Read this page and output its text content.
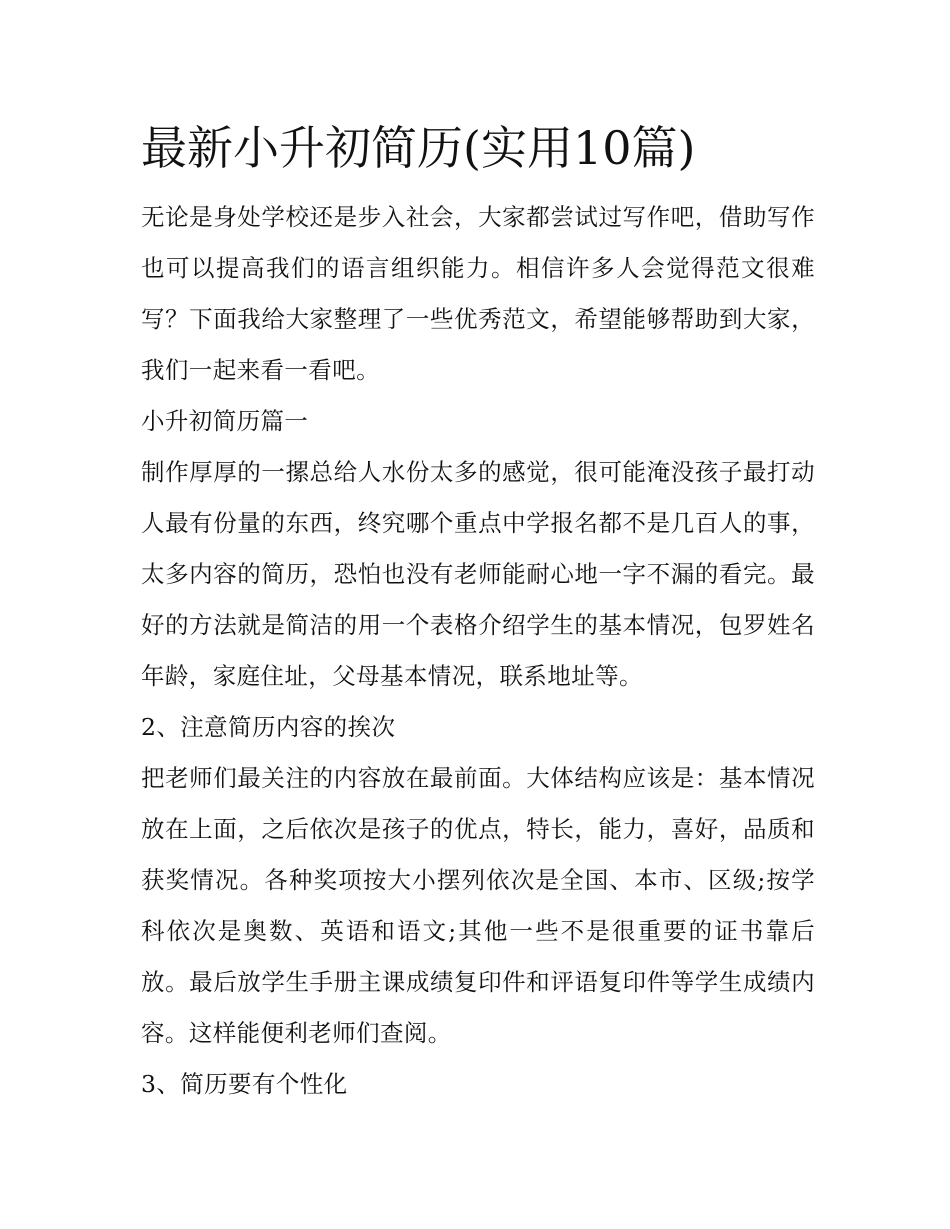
最新小升初简历(实用10篇)

无论是身处学校还是步入社会，大家都尝试过写作吧，借助写作也可以提高我们的语言组织能力。相信许多人会觉得范文很难写？下面我给大家整理了一些优秀范文，希望能够帮助到大家，我们一起来看一看吧。

小升初简历篇一

制作厚厚的一摞总给人水份太多的感觉，很可能淹没孩子最打动人最有份量的东西，终究哪个重点中学报名都不是几百人的事，太多内容的简历，恐怕也没有老师能耐心地一字不漏的看完。最好的方法就是简洁的用一个表格介绍学生的基本情况，包罗姓名年龄，家庭住址，父母基本情况，联系地址等。

2、注意简历内容的挨次

把老师们最关注的内容放在最前面。大体结构应该是：基本情况放在上面，之后依次是孩子的优点，特长，能力，喜好，品质和获奖情况。各种奖项按大小摆列依次是全国、本市、区级;按学科依次是奥数、英语和语文;其他一些不是很重要的证书靠后放。最后放学生手册主课成绩复印件和评语复印件等学生成绩内容。这样能便利老师们查阅。

3、简历要有个性化
